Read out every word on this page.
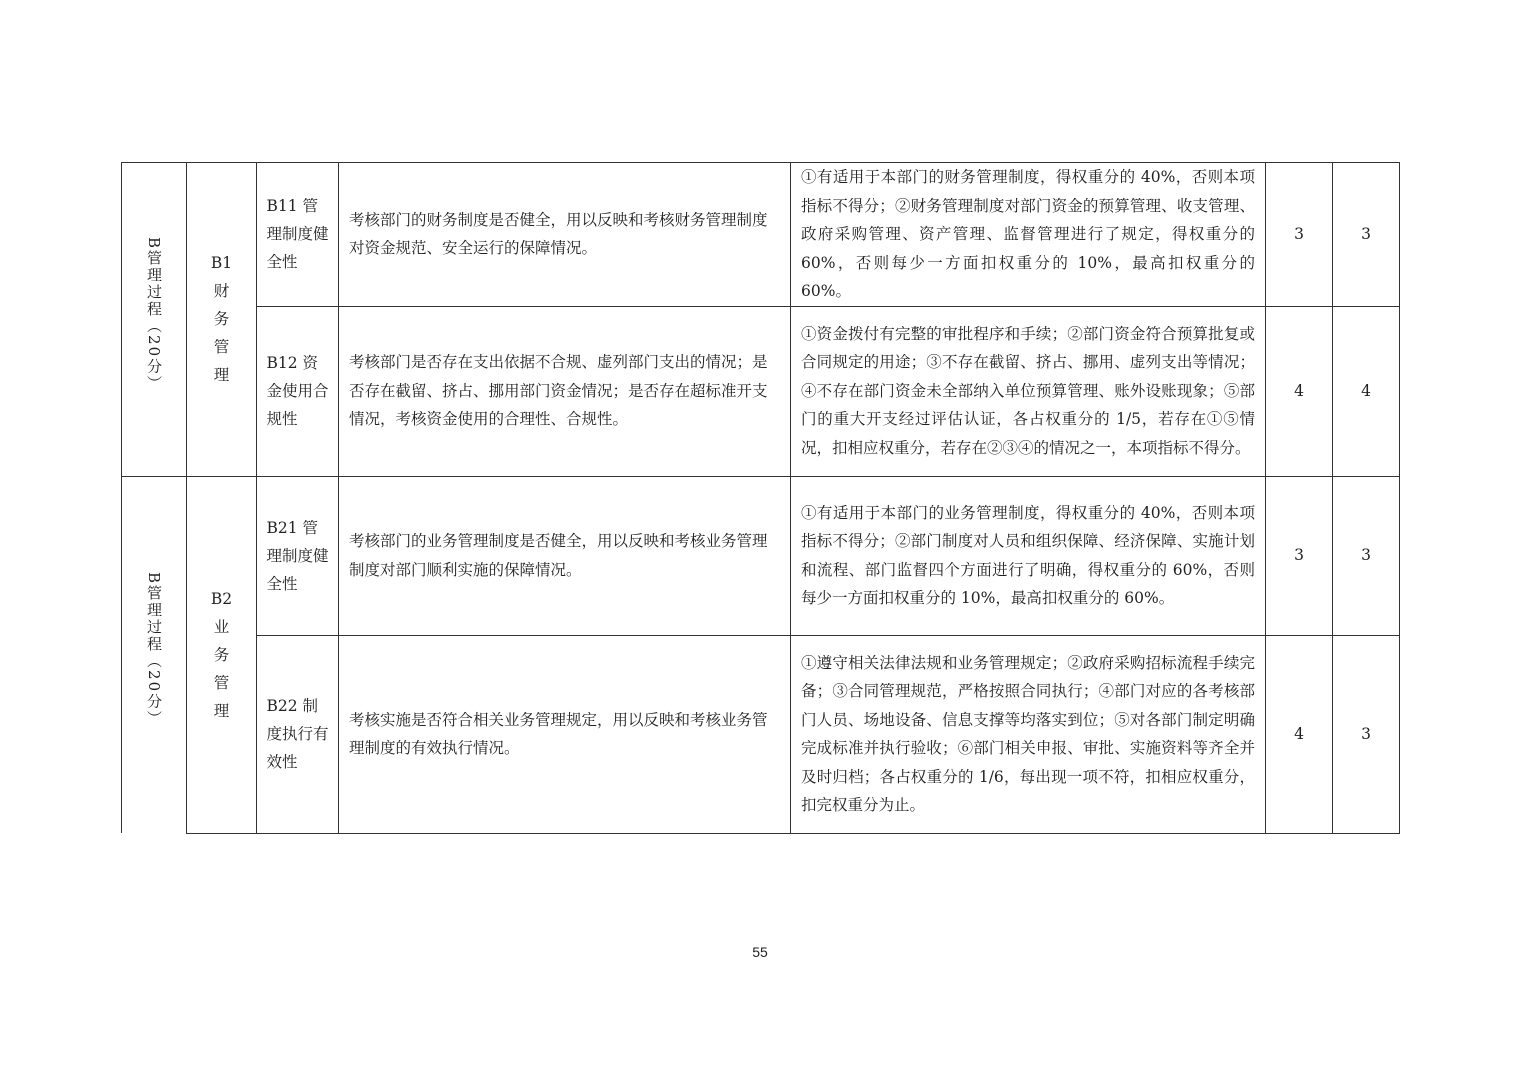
B管理过程（20分）	B1 财务管理	B11 管理制度健全性	考核部门的财务制度是否健全，用以反映和考核财务管理制度对资金规范、安全运行的保障情况。	①有适用于本部门的财务管理制度，得权重分的 40%，否则本项指标不得分；②财务管理制度对部门资金的预算管理、收支管理、政府采购管理、资产管理、监督管理进行了规定，得权重分的 60%，否则每少一方面扣权重分的 10%，最高扣权重分的 60%。	3	3

		B12 资金使用合规性	考核部门是否存在支出依据不合规、虚列部门支出的情况；是否存在截留、挤占、挪用部门资金情况；是否存在超标准开支情况，考核资金使用的合理性、合规性。	①资金拨付有完整的审批程序和手续；②部门资金符合预算批复或合同规定的用途；③不存在截留、挤占、挪用、虚列支出等情况；④不存在部门资金未全部纳入单位预算管理、账外设账现象；⑤部门的重大开支经过评估认证，各占权重分的 1/5，若存在①⑤情况，扣相应权重分，若存在②③④的情况之一，本项指标不得分。	4	4
B管理过程（20分）	B2 业务管理	B21 管理制度健全性	考核部门的业务管理制度是否健全，用以反映和考核业务管理制度对部门顺利实施的保障情况。	①有适用于本部门的业务管理制度，得权重分的 40%，否则本项指标不得分；②部门制度对人员和组织保障、经济保障、实施计划和流程、部门监督四个方面进行了明确，得权重分的 60%，否则每少一方面扣权重分的 10%，最高扣权重分的 60%。	3	3

		B22 制度执行有效性	考核实施是否符合相关业务管理规定，用以反映和考核业务管理制度的有效执行情况。	①遵守相关法律法规和业务管理规定；②政府采购招标流程手续完备；③合同管理规范，严格按照合同执行；④部门对应的各考核部门人员、场地设备、信息支撑等均落实到位；⑤对各部门制定明确完成标准并执行验收；⑥部门相关申报、审批、实施资料等齐全并及时归档；各占权重分的 1/6，每出现一项不符，扣相应权重分，扣完权重分为止。	4	3
55
